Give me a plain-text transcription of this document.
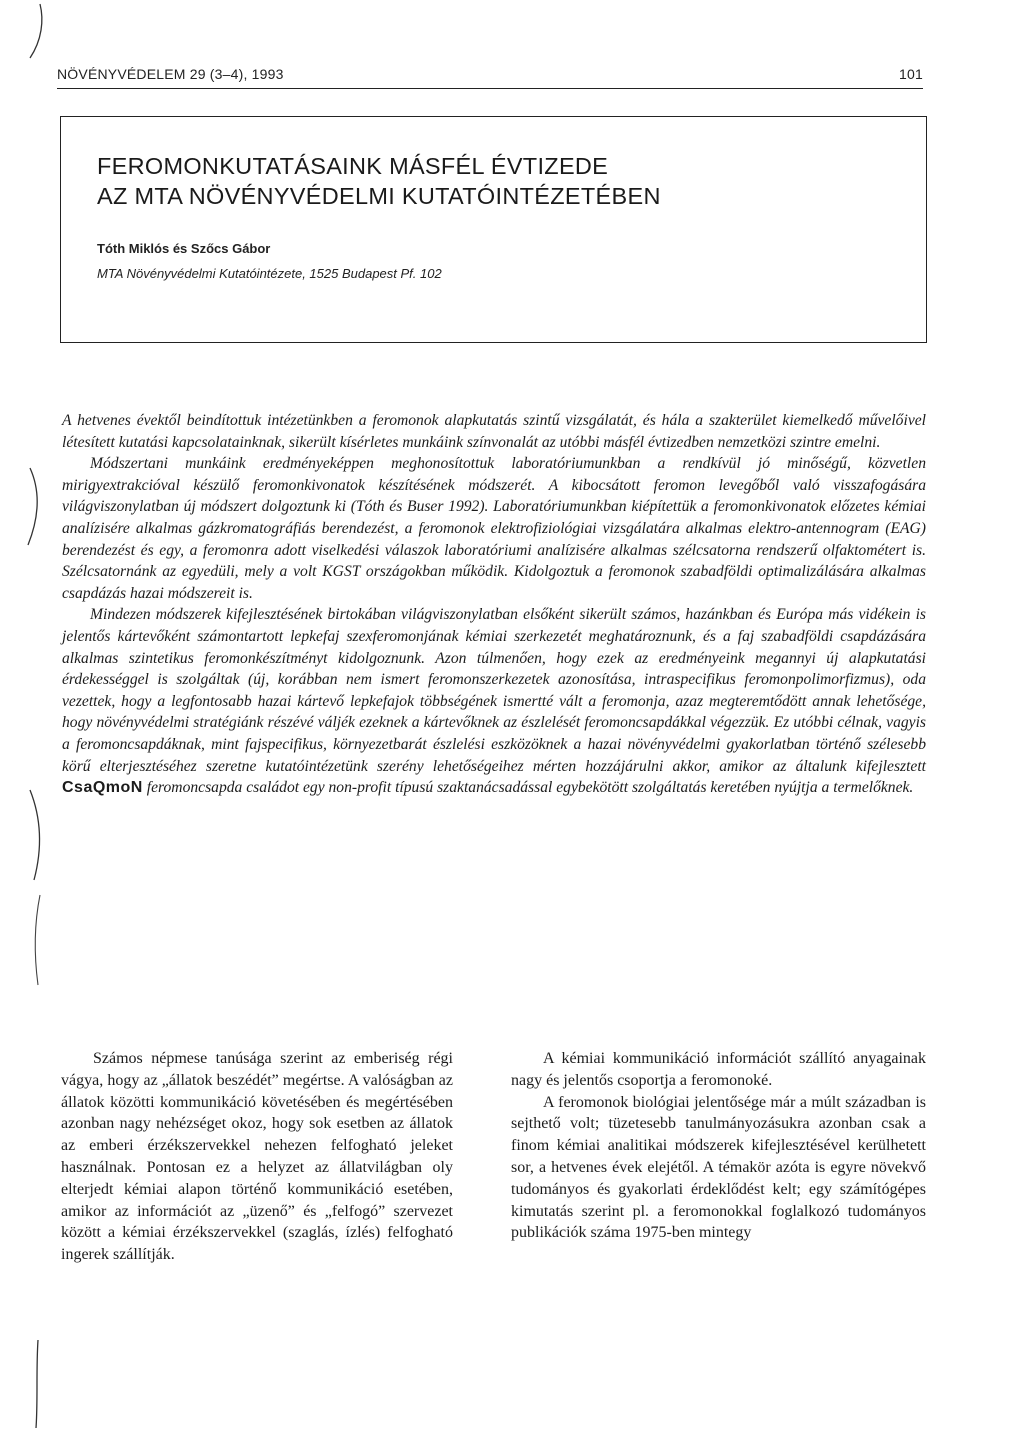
NÖVÉNYVÉDELEM 29 (3–4), 1993	101
FEROMONKUTATÁSAINK MÁSFÉL ÉVTIZEDE
AZ MTA NÖVÉNYVÉDELMI KUTATÓINTÉZETÉBEN
Tóth Miklós és Szőcs Gábor
MTA Növényvédelmi Kutatóintézete, 1525 Budapest Pf. 102

A hetvenes évektől beindítottuk intézetünkben a feromonok alapkutatás szintű vizsgálatát, és hála a szakterület kiemelkedő művelőivel létesített kutatási kapcsolatainknak, sikerült kísérletes munkáink színvonalát az utóbbi másfél évtizedben nemzetközi szintre emelni.

Módszertani munkáink eredményeképpen meghonosítottuk laboratóriumunkban a rendkívül jó minőségű, közvetlen mirigyextrakcióval készülő feromonkivonatok készítésének módszerét. A kibocsátott feromon levegőből való visszafogására világviszonylatban új módszert dolgoztunk ki (Tóth és Buser 1992). Laboratóriumunkban kiépítettük a feromonkivonatok előzetes kémiai analízisére alkalmas gázkromatográfiás berendezést, a feromonok elektrofiziológiai vizsgálatára alkalmas elektro-antennogram (EAG) berendezést és egy, a feromonra adott viselkedési válaszok laboratóriumi analízisére alkalmas szélcsatorna rendszerű olfaktométert is. Szélcsatornánk az egyedüli, mely a volt KGST országokban működik. Kidolgoztuk a feromonok szabadföldi optimalizálására alkalmas csapdázás hazai módszereit is.

Mindezen módszerek kifejlesztésének birtokában világviszonylatban elsőként sikerült számos, hazánkban és Európa más vidékein is jelentős kártevőként számontartott lepkefaj szexferomonjának kémiai szerkezetét meghatároznunk, és a faj szabadföldi csapdázására alkalmas szintetikus feromonkészítményt kidolgoznunk. Azon túlmenően, hogy ezek az eredményeink megannyi új alapkutatási érdekességgel is szolgáltak (új, korábban nem ismert feromonszerkezetek azonosítása, intraspecifikus feromonpolimorfizmus), oda vezettek, hogy a legfontosabb hazai kártevő lepkefajok többségének ismertté vált a feromonja, azaz megteremtődött annak lehetősége, hogy növényvédelmi stratégiánk részévé váljék ezeknek a kártevőknek az észlelését feromoncsapdákkal végezzük. Ez utóbbi célnak, vagyis a feromoncsapdáknak, mint fajspecifikus, környezetbarát észlelési eszközöknek a hazai növényvédelmi gyakorlatban történő szélesebb körű elterjesztéséhez szeretne kutatóintézetünk szerény lehetőségeihez mérten hozzájárulni akkor, amikor az általunk kifejlesztett CsaQmoN feromoncsapda családot egy non-profit típusú szaktanácsadással egybekötött szolgáltatás keretében nyújtja a termelőknek.

Számos népmese tanúsága szerint az emberiség régi vágya, hogy az „állatok beszédét” megértse. A valóságban az állatok közötti kommunikáció követésében és megértésében azonban nagy nehézséget okoz, hogy sok esetben az állatok az emberi érzékszervekkel nehezen felfogható jeleket használnak. Pontosan ez a helyzet az állatvilágban oly elterjedt kémiai alapon történő kommunikáció esetében, amikor az információt az „üzenő” és „felfogó” szervezet között a kémiai érzékszervekkel (szaglás, ízlés) felfogható ingerek szállítják.

A kémiai kommunikáció információt szállító anyagainak nagy és jelentős csoportja a feromonoké.

A feromonok biológiai jelentősége már a múlt században is sejthető volt; tüzetesebb tanulmányozásukra azonban csak a finom kémiai analitikai módszerek kifejlesztésével kerülhetett sor, a hetvenes évek elejétől. A témakör azóta is egyre növekvő tudományos és gyakorlati érdeklődést kelt; egy számítógépes kimutatás szerint pl. a feromonokkal foglalkozó tudományos publikációk száma 1975-ben mintegy
